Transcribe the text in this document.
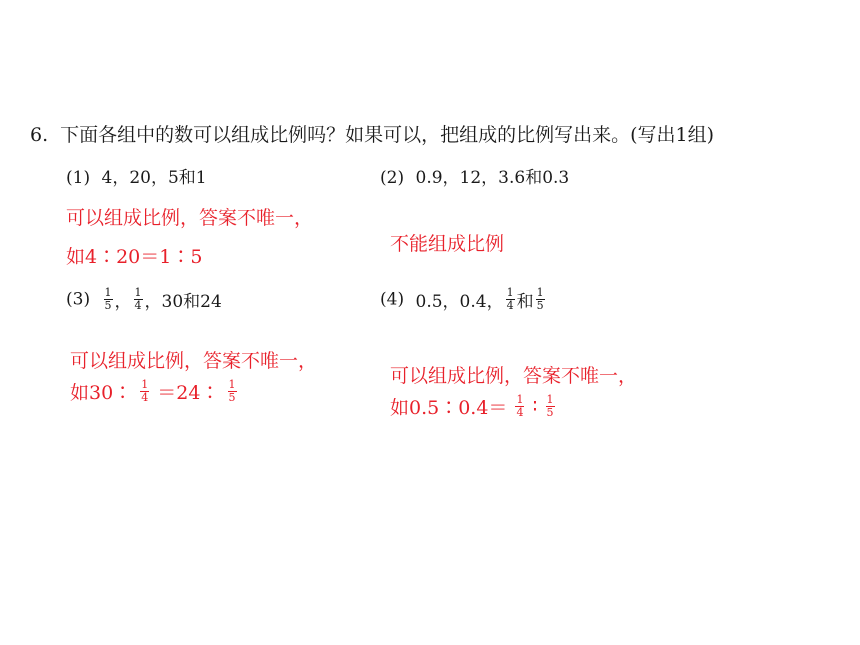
6. 下面各组中的数可以组成比例吗？如果可以，把组成的比例写出来。(写出1组)
(1) 4，20，5和1
可以组成比例，答案不唯一，
如4∶20＝1∶5
(2) 0.9，12，3.6和0.3
不能组成比例
$(3) \frac{1}{5}$ ， $\frac{1}{4}$ ，30和24
可以组成比例，答案不唯一，
如30∶ $\frac{1}{4}$ ＝24∶ $\frac{1}{5}$
(4) 0.5，0.4， $\frac{1}{4}$ 和 $\frac{1}{5}$
可以组成比例，答案不唯一，
如0.5∶0.4＝ $\frac{1}{4}$ ∶ $\frac{1}{5}$
